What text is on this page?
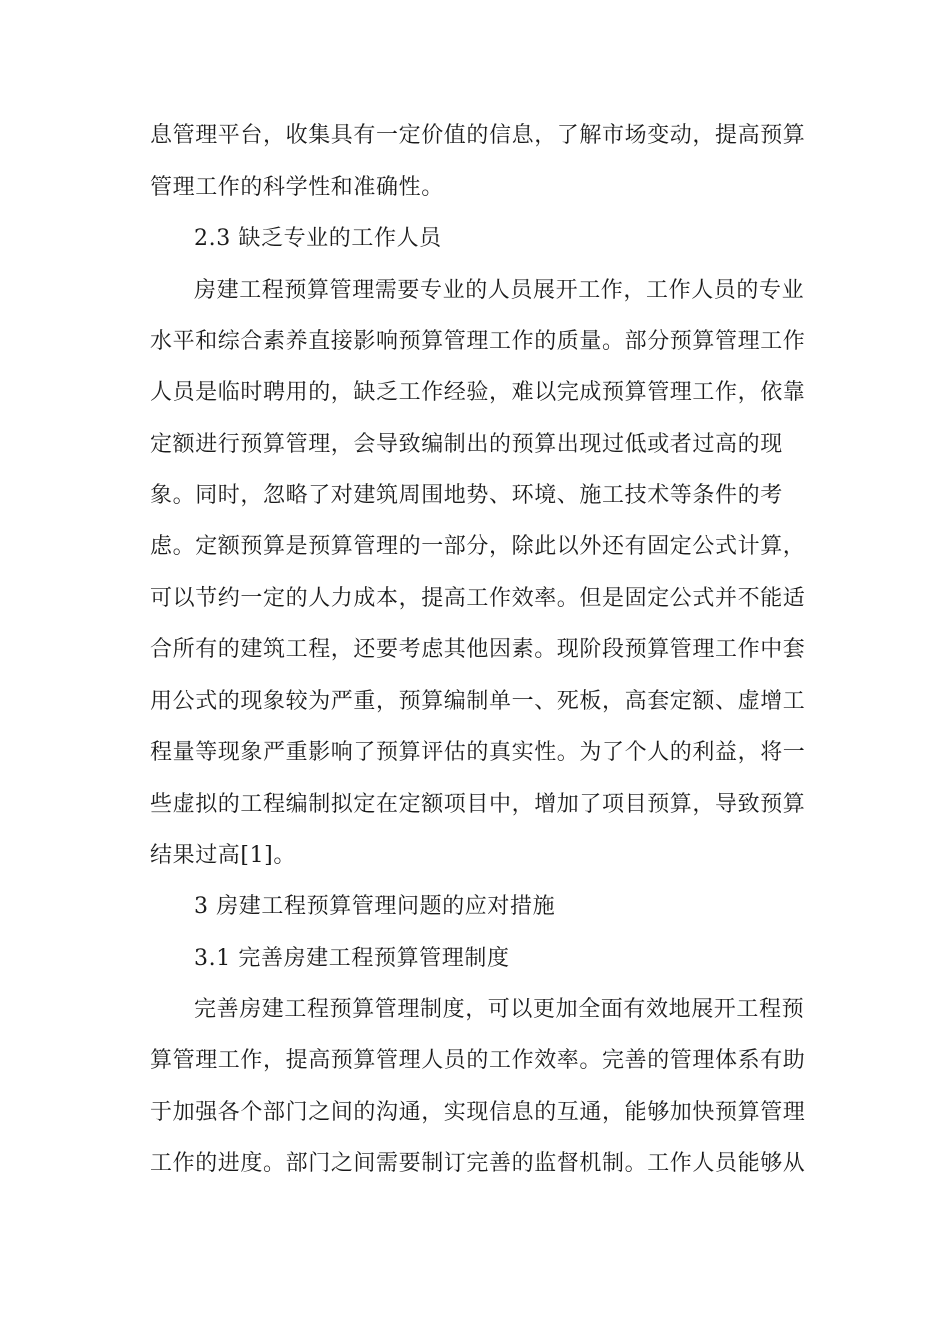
息管理平台，收集具有一定价值的信息，了解市场变动，提高预算
管理工作的科学性和准确性。
2.3 缺乏专业的工作人员
房建工程预算管理需要专业的人员展开工作，工作人员的专业
水平和综合素养直接影响预算管理工作的质量。部分预算管理工作
人员是临时聘用的，缺乏工作经验，难以完成预算管理工作，依靠
定额进行预算管理，会导致编制出的预算出现过低或者过高的现
象。同时，忽略了对建筑周围地势、环境、施工技术等条件的考
虑。定额预算是预算管理的一部分，除此以外还有固定公式计算，
可以节约一定的人力成本，提高工作效率。但是固定公式并不能适
合所有的建筑工程，还要考虑其他因素。现阶段预算管理工作中套
用公式的现象较为严重，预算编制单一、死板，高套定额、虚增工
程量等现象严重影响了预算评估的真实性。为了个人的利益，将一
些虚拟的工程编制拟定在定额项目中，增加了项目预算，导致预算
结果过高[1]。
3 房建工程预算管理问题的应对措施
3.1 完善房建工程预算管理制度
完善房建工程预算管理制度，可以更加全面有效地展开工程预
算管理工作，提高预算管理人员的工作效率。完善的管理体系有助
于加强各个部门之间的沟通，实现信息的互通，能够加快预算管理
工作的进度。部门之间需要制订完善的监督机制。工作人员能够从
